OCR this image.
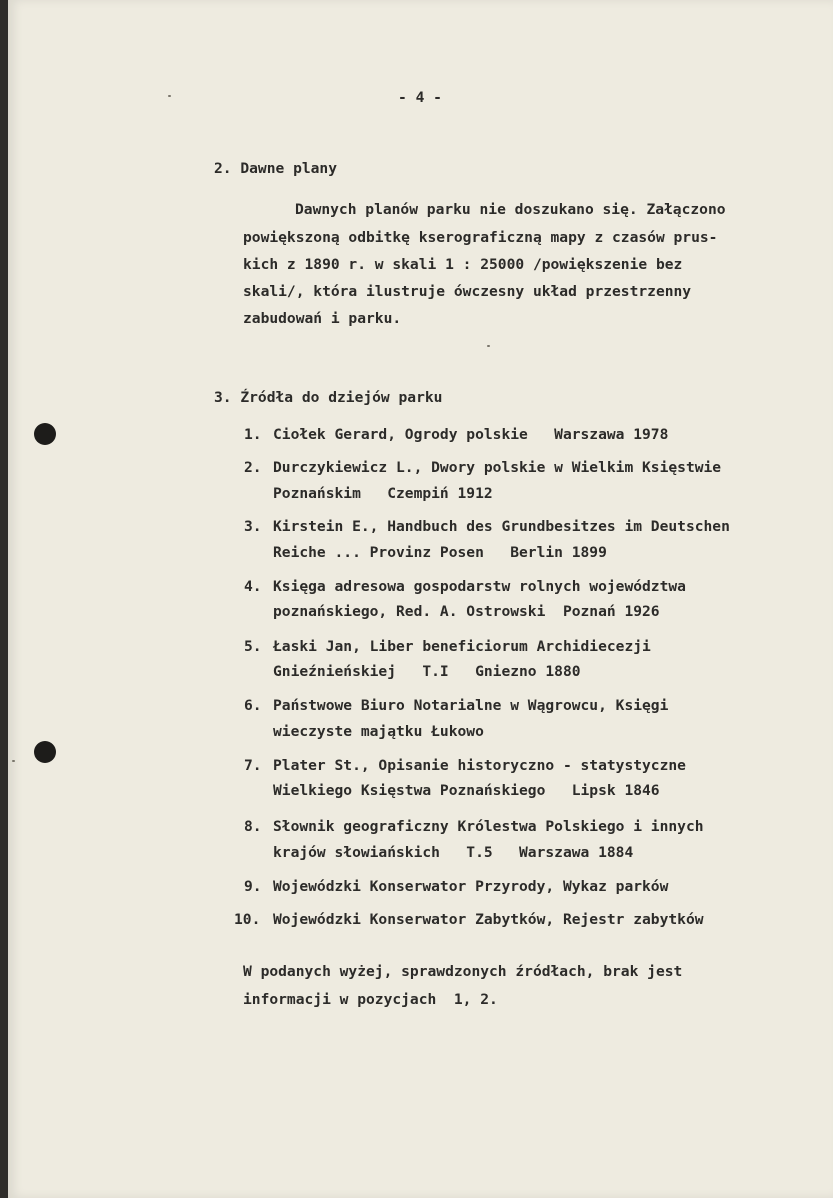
- 4 -
2. Dawne plany
Dawnych planów parku nie doszukano się. Załączono
powiększoną odbitkę kserograficzną mapy z czasów prus-
kich z 1890 r. w skali 1 : 25000 /powiększenie bez
skali/, która ilustruje ówczesny układ przestrzenny
zabudowań i parku.
3. Źródła do dziejów parku
1. Ciołek Gerard, Ogrody polskie   Warszawa 1978
2. Durczykiewicz L., Dwory polskie w Wielkim Księstwie
Poznańskim   Czempiń 1912
3. Kirstein E., Handbuch des Grundbesitzes im Deutschen
Reiche ... Provinz Posen   Berlin 1899
4. Księga adresowa gospodarstw rolnych województwa
poznańskiego, Red. A. Ostrowski  Poznań 1926
5. Łaski Jan, Liber beneficiorum Archidiecezji
Gnieźnieńskiej   T.I   Gniezno 1880
6. Państwowe Biuro Notarialne w Wągrowcu, Księgi
wieczyste majątku Łukowo
7. Plater St., Opisanie historyczno - statystyczne
Wielkiego Księstwa Poznańskiego   Lipsk 1846
8. Słownik geograficzny Królestwa Polskiego i innych
krajów słowiańskich   T.5   Warszawa 1884
9. Wojewódzki Konserwator Przyrody, Wykaz parków
10. Wojewódzki Konserwator Zabytków, Rejestr zabytków
W podanych wyżej, sprawdzonych źródłach, brak jest
informacji w pozycjach  1, 2.
